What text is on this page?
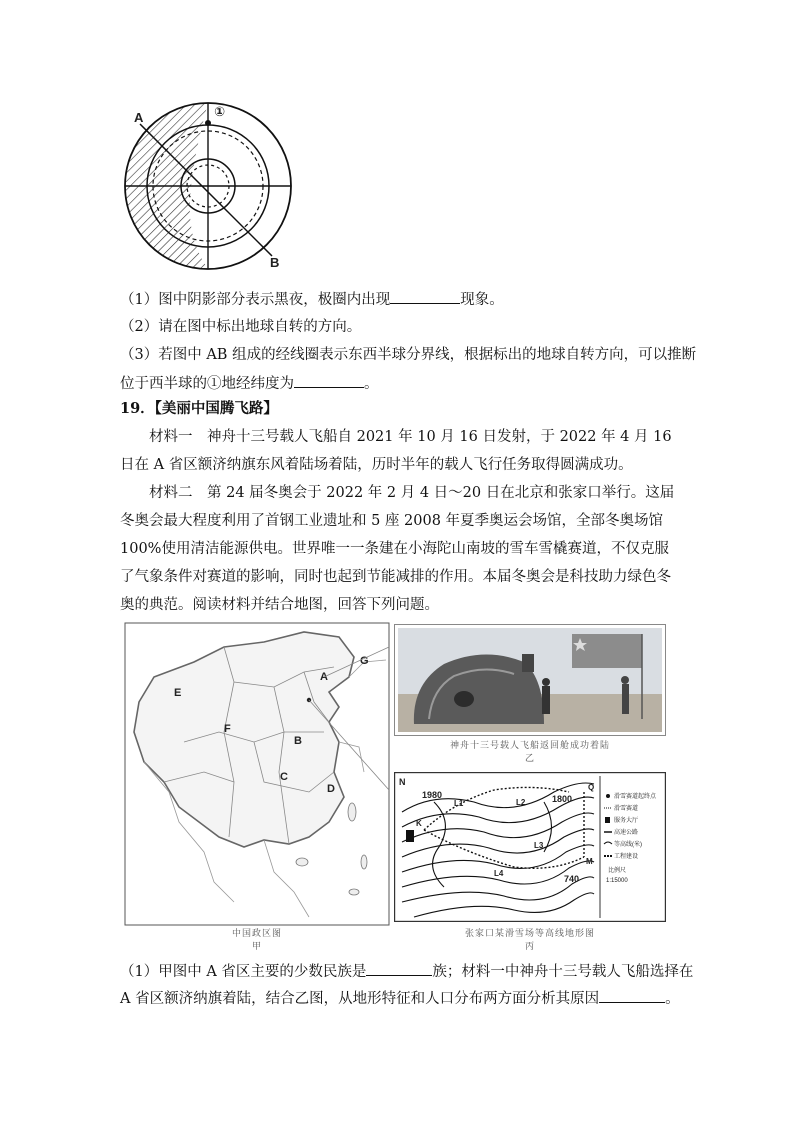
A
B
①
（1）图中阴影部分表示黑夜，极圈内出现	现象。
（2）请在图中标出地球自转的方向。
（3）若图中 AB 组成的经线圈表示东西半球分界线，根据标出的地球自转方向，可以推断
位于西半球的①地经纬度为	。
19．【美丽中国腾飞路】
材料一　神舟十三号载人飞船自 2021 年 10 月 16 日发射，于 2022 年 4 月 16 日在 A 省区额济纳旗东风着陆场着陆，历时半年的载人飞行任务取得圆满成功。
材料二　第 24 届冬奥会于 2022 年 2 月 4 日～20 日在北京和张家口举行。这届冬奥会最大程度利用了首钢工业遗址和 5 座 2008 年夏季奥运会场馆，全部冬奥场馆 100%使用清洁能源供电。世界唯一一条建在小海陀山南坡的雪车雪橇赛道，不仅克服了气象条件对赛道的影响，同时也起到节能减排的作用。本届冬奥会是科技助力绿色冬奥的典范。阅读材料并结合地图，回答下列问题。
A
B
C
D
E
F
G
中国政区图
甲
神舟十三号载人飞船返回舱成功着陆
乙
N
1980
L1	L2	1800
L3
L4
740
K
Q
M
滑雪赛道起终点
滑雪赛道
服务大厅
高速公路
等高线(米)
工程建设
比例尺
1:15000
张家口某滑雪场等高线地形图
丙
（1）甲图中 A 省区主要的少数民族是	族；材料一中神舟十三号载人飞船选择在
A 省区额济纳旗着陆，结合乙图，从地形特征和人口分布两方面分析其原因	。
